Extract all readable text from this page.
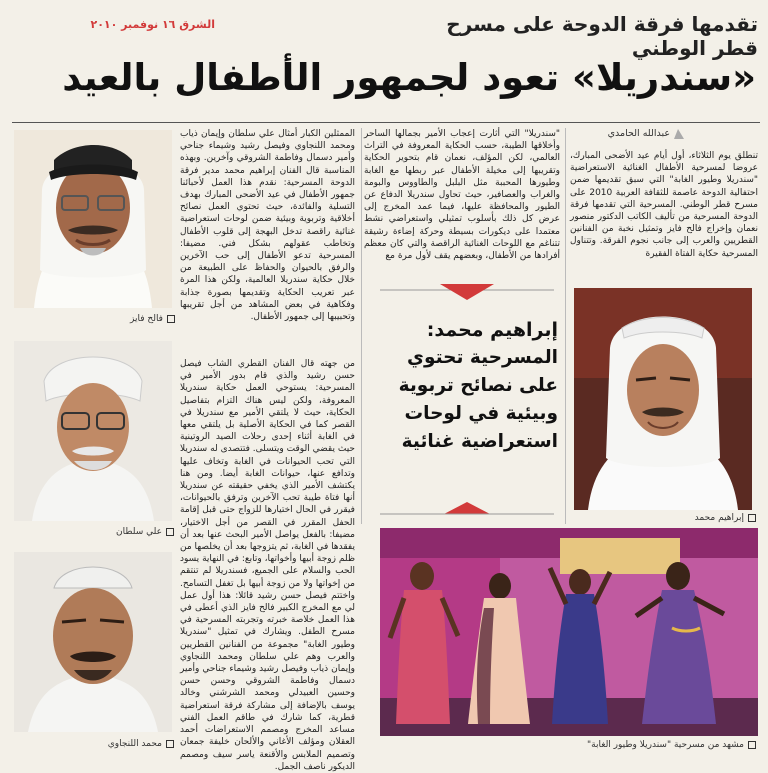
تقدمها فرقة الدوحة على مسرح قطر الوطني
الشرق ١٦ نوفمبر ٢٠١٠
«سندريلا» تعود لجمهور الأطفال بالعيد
فالح فايز
علي سلطان
محمد اللنجاوي

الممثلين الكبار أمثال علي سلطان وإيمان ذياب ومحمد اللنجاوي وفيصل رشيد وشيماء جناحي وأمير دسمال وفاطمة الشروقي وآخرين. وبهذه المناسبة قال الفنان إبراهيم محمد مدير فرقة الدوحة المسرحية: نقدم هذا العمل لأحبائنا جمهور الأطفال في عيد الأضحى المبارك بهدف التسلية والفائدة، حيث تحتوي العمل نصائح أخلاقية وتربوية وبيئية ضمن لوحات استعراضية غنائية راقصة تدخل البهجة إلى قلوب الأطفال وتخاطب عقولهم بشكل فني. مضيفا: المسرحية تدعو الأطفال إلى حب الآخرين والرفق بالحيوان والحفاظ على الطبيعة من خلال حكاية سندريلا العالمية، ولكن هذا المرة عبر تعريب الحكاية وتقديمها بصورة جذابة وفكاهية في بعض المشاهد من أجل تقريبها وتحبيبها إلى جمهور الأطفال.

من جهته قال الفنان القطري الشاب فيصل حسن رشيد والذي قام بدور الأمير في المسرحية: يستوحي العمل حكاية سندريلا المعروفة، ولكن ليس هناك التزام بتفاصيل الحكاية، حيث لا يلتقي الأمير مع سندريلا في القصر كما في الحكاية الأصلية بل يلتقي معها في الغابة أثناء إحدى رحلات الصيد الروتينية حيث يقضي الوقت ويتسلى. فتتصدى له سندريلا التي تحب الحيوانات في الغابة وتخاف عليها وتدافع عنها، حيوانات الغابة أيضا. ومن هنا يكتشف الأمير الذي يخفي حقيقته عن سندريلا أنها فتاة طيبة تحب الآخرين وترفق بالحيوانات، فيقرر في الحال اختيارها للزواج حتى قبل إقامة الحفل المقرر في القصر من أجل الاختيار، مضيفا: بالفعل يواصل الأمير البحث عنها بعد أن يفقدها في الغابة، ثم يتزوجها بعد أن يخلصها من ظلم زوجة أبيها وأخواتها، وتابع: في النهاية يسود الحب والسلام على الجميع، فسندريلا لم تنتقم من إخواتها ولا من زوجة أبيها بل تغفل التسامح. واختتم فيصل حسن رشيد قائلا: هذا أول عمل لي مع المخرج الكبير فالح فايز الذي أعطى في هذا العمل خلاصة خبرته وتجربته المسرحية في مسرح الطفل. ويشارك في تمثيل "سندريلا وطيور الغابة" مجموعة من الفنانين القطريين والعرب وهم علي سلطان ومحمد اللنجاوي وإيمان ذياب وفيصل رشيد وشيماء جناحي وأمير دسمال وفاطمة الشروقي وحسن حسن وحسين العبيدلي ومحمد الشرشني وخالد يوسف بالإضافة إلى مشاركة فرقة استعراضية قطرية، كما شارك في طاقم العمل الفني مساعد المخرج ومصمم الاستعراضات أحمد العقلان ومؤلف الأغاني والألحان خليفة جمعان وتصميم الملابس والأقنعة ياسر سيف ومصمم الديكور ناصف الجمل.

"سندريلا" التي أثارت إعجاب الأمير بجمالها الساحر وأخلاقها الطيبة، حسب الحكاية المعروفة في التراث العالمي، لكن المؤلف، نعمان قام بتحوير الحكاية وتقريبها إلى مخيلة الأطفال عبر ربطها مع الغابة وطيورها المحببة مثل البلبل والطاووس والبومة والغراب والعصافير، حيث تحاول سندريلا الدفاع عن الطيور والمحافظة عليها، فيما عمد المخرج إلى عرض كل ذلك بأسلوب تمثيلي واستعراضي نشط معتمدا على ديكورات بسيطة وحركة إضاءة رشيقة تتناغم مع اللوحات الغنائية الراقصة والتي كان معظم أفرادها من الأطفال، وبعضهم يقف لأول مرة مع

إبراهيم محمد:
المسرحية تحتوي
على نصائح تربوية
وبيئية في لوحات
استعراضية غنائية
عبدالله الحامدي

تنطلق يوم الثلاثاء، أول أيام عيد الأضحى المبارك، عروضا لمسرحية الأطفال الغنائية الاستعراضية "سندريلا وطيور الغابة" التي سبق تقديمها ضمن احتفالية الدوحة عاصمة للثقافة العربية 2010 على مسرح قطر الوطني. المسرحية التي تقدمها فرقة الدوحة المسرحية من تأليف الكاتب الدكتور منصور نعمان وإخراج فالح فايز وتمثيل نخبة من الفنانين القطريين والعرب إلى جانب نجوم الفرقة. وتتناول المسرحية حكاية الفتاة الفقيرة

إبراهيم محمد
مشهد من مسرحية "سندريلا وطيور الغابة"
